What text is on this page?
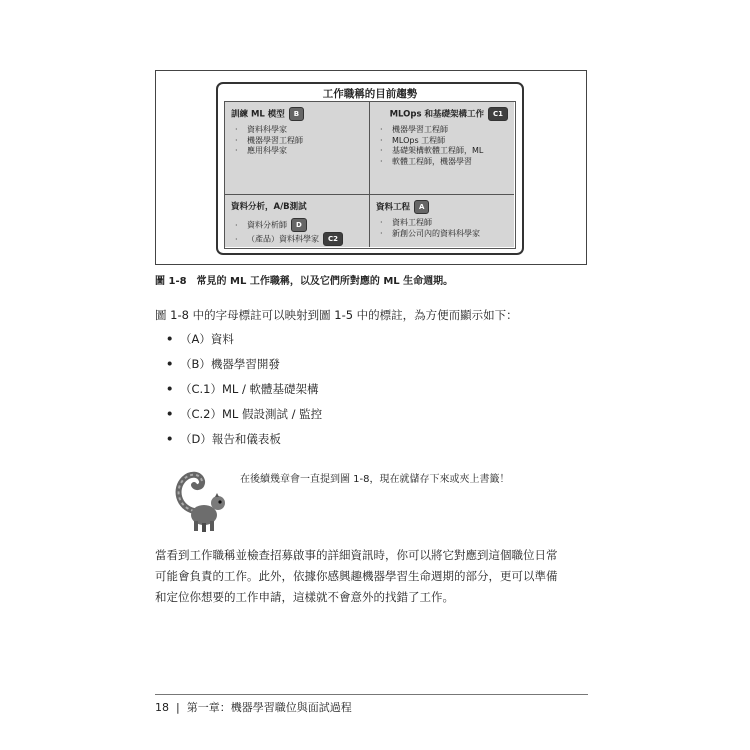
工作職稱的目前趨勢
訓練 ML 模型 B
· 資料科學家
· 機器學習工程師
· 應用科學家
MLOps 和基礎架構工作 C1
· 機器學習工程師
· MLOps 工程師
· 基礎架構軟體工程師，ML
· 軟體工程師，機器學習
資料分析，A/B測試
· 資料分析師 D
· （產品）資料科學家 C2
資料工程 A
· 資料工程師
· 新創公司內的資料科學家
圖 1-8　常見的 ML 工作職稱，以及它們所對應的 ML 生命週期。
圖 1-8 中的字母標註可以映射到圖 1-5 中的標註，為方便而顯示如下：
• （A）資料
• （B）機器學習開發
• （C.1）ML / 軟體基礎架構
• （C.2）ML 假設測試 / 監控
• （D）報告和儀表板
在後續幾章會一直提到圖 1-8，現在就儲存下來或夾上書籤！
當看到工作職稱並檢查招募啟事的詳細資訊時，你可以將它對應到這個職位日常
可能會負責的工作。此外，依據你感興趣機器學習生命週期的部分，更可以準備
和定位你想要的工作申請，這樣就不會意外的找錯了工作。
18 | 第一章：機器學習職位與面試過程
